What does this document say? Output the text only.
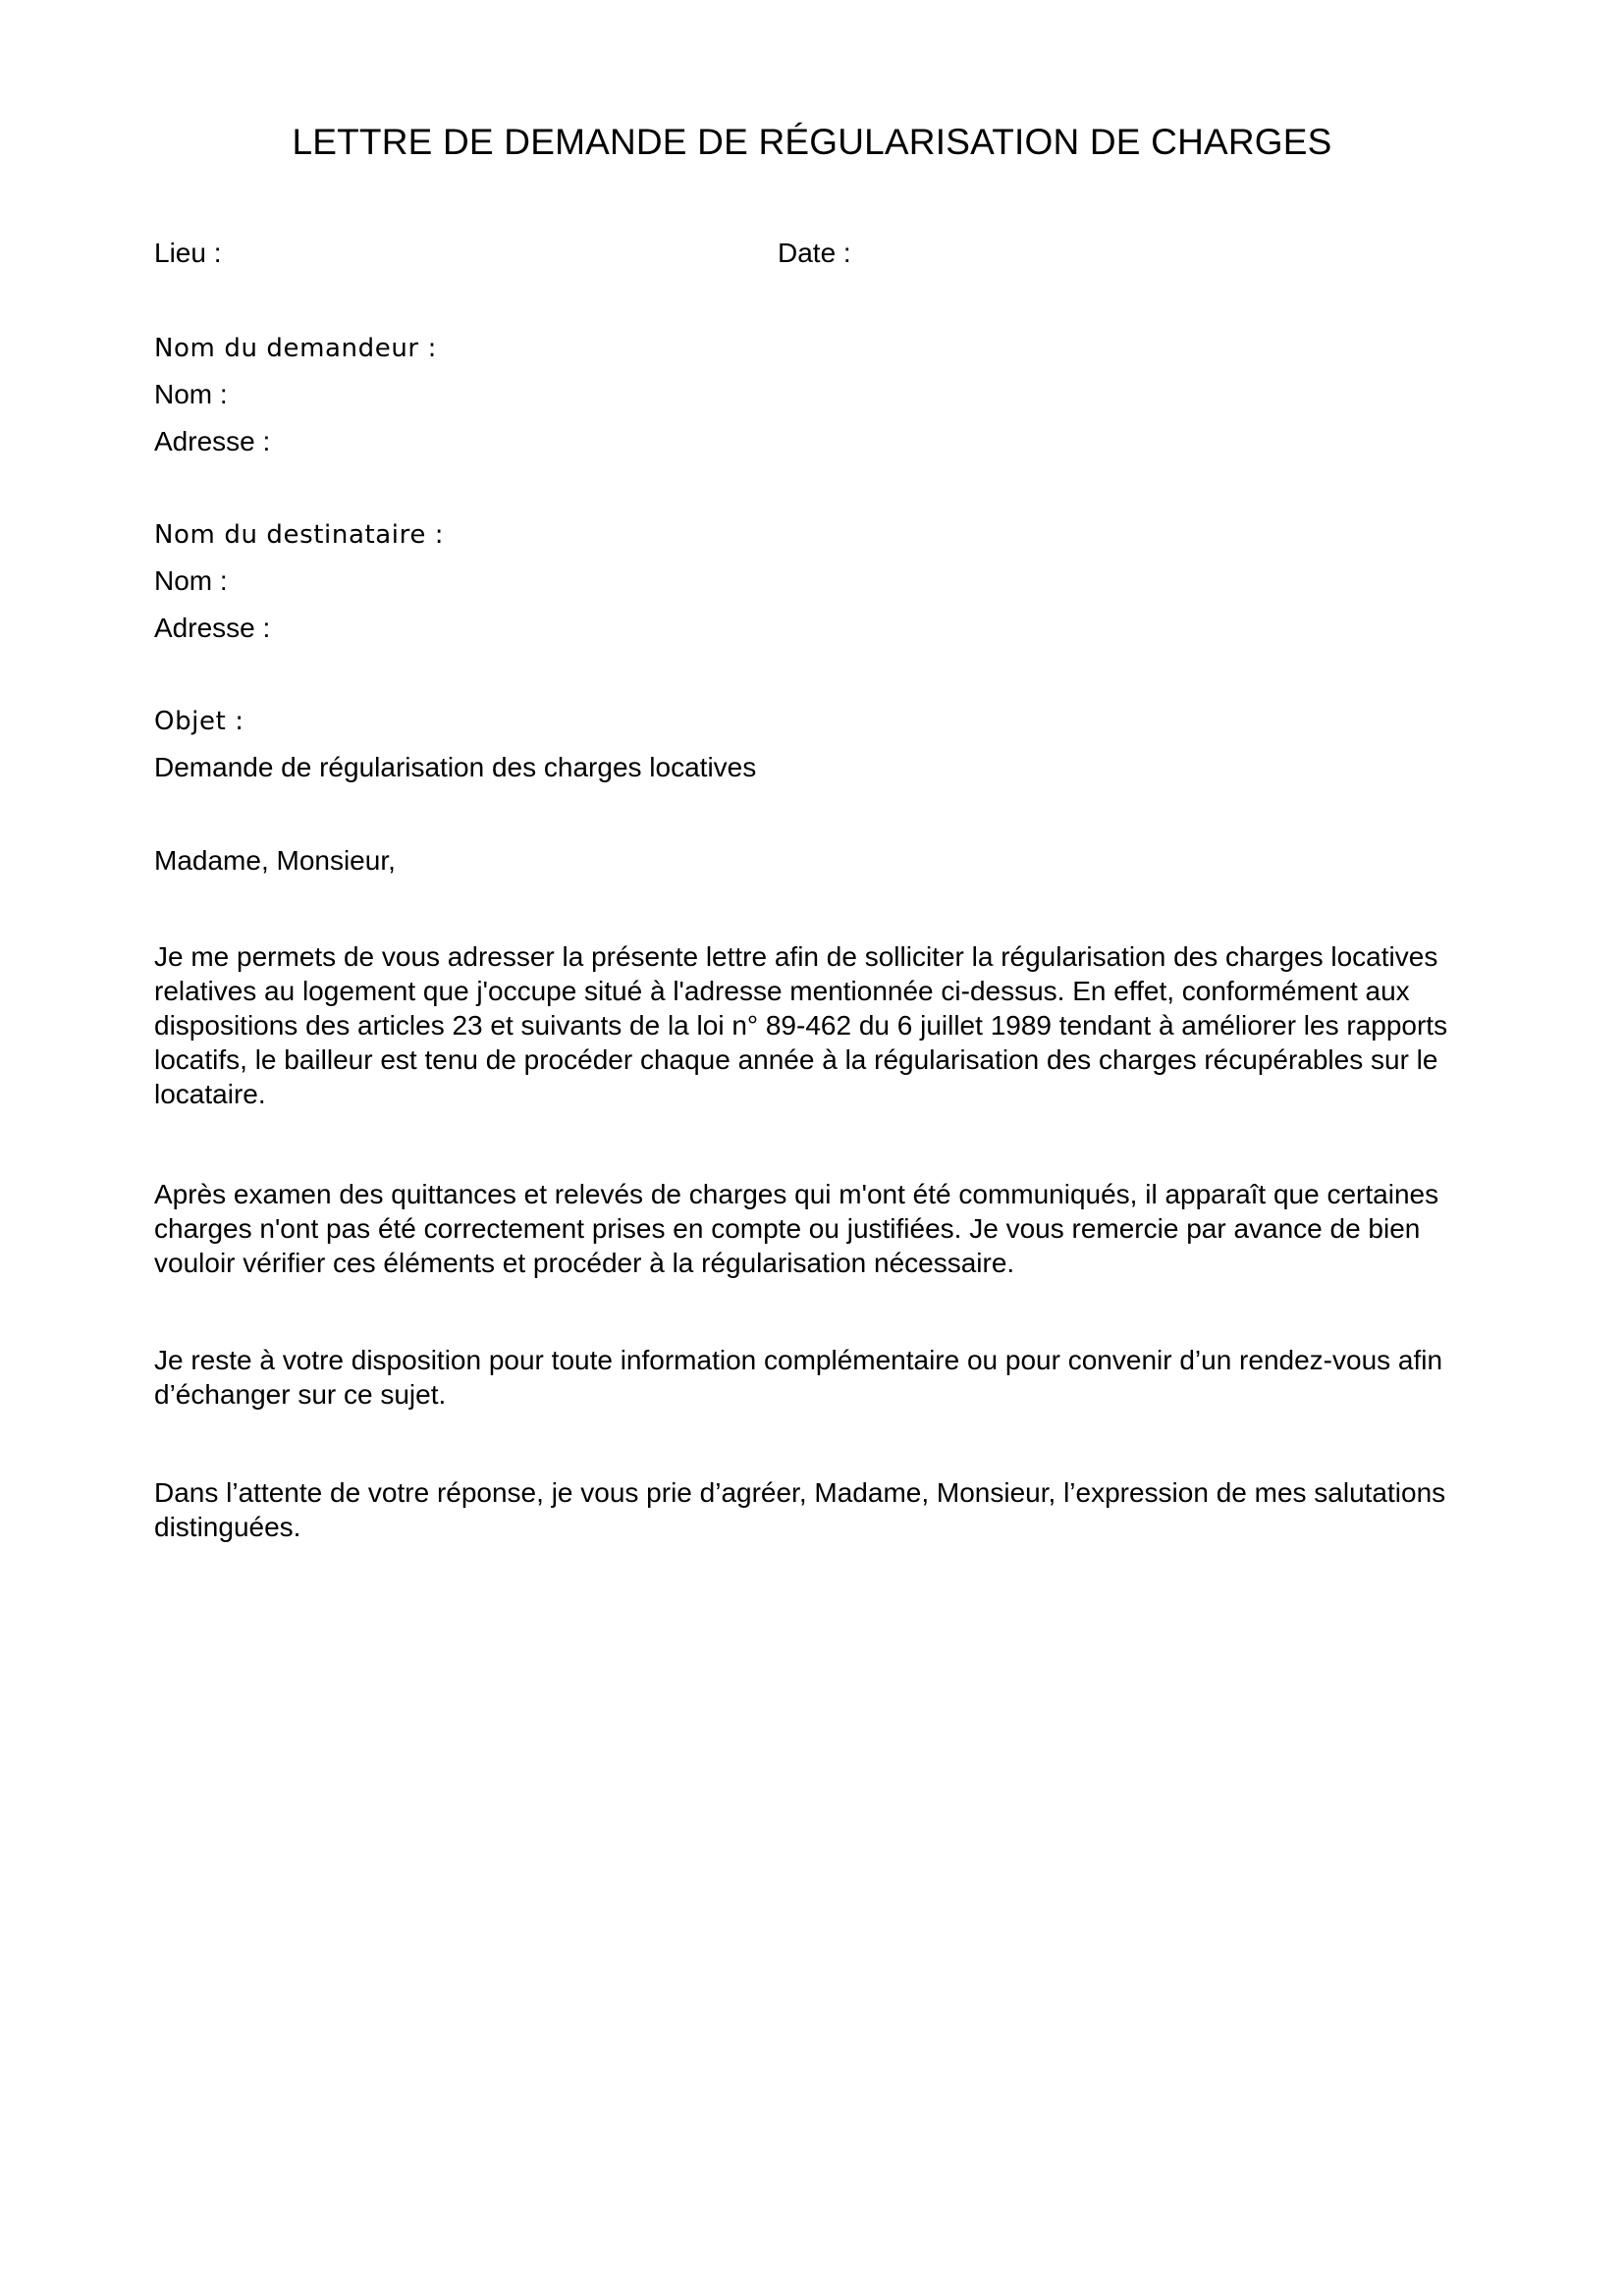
LETTRE DE DEMANDE DE RÉGULARISATION DE CHARGES
Lieu :	Date :
Nom du demandeur :
Nom :
Adresse :
Nom du destinataire :
Nom :
Adresse :
Objet :
Demande de régularisation des charges locatives
Madame, Monsieur,

Je me permets de vous adresser la présente lettre afin de solliciter la régularisation des charges locatives relatives au logement que j'occupe situé à l'adresse mentionnée ci-dessus. En effet, conformément aux dispositions des articles 23 et suivants de la loi n° 89-462 du 6 juillet 1989 tendant à améliorer les rapports locatifs, le bailleur est tenu de procéder chaque année à la régularisation des charges récupérables sur le locataire.

Après examen des quittances et relevés de charges qui m'ont été communiqués, il apparaît que certaines charges n'ont pas été correctement prises en compte ou justifiées. Je vous remercie par avance de bien vouloir vérifier ces éléments et procéder à la régularisation nécessaire.

Je reste à votre disposition pour toute information complémentaire ou pour convenir d’un rendez-vous afin d’échanger sur ce sujet.

Dans l’attente de votre réponse, je vous prie d’agréer, Madame, Monsieur, l’expression de mes salutations distinguées.
